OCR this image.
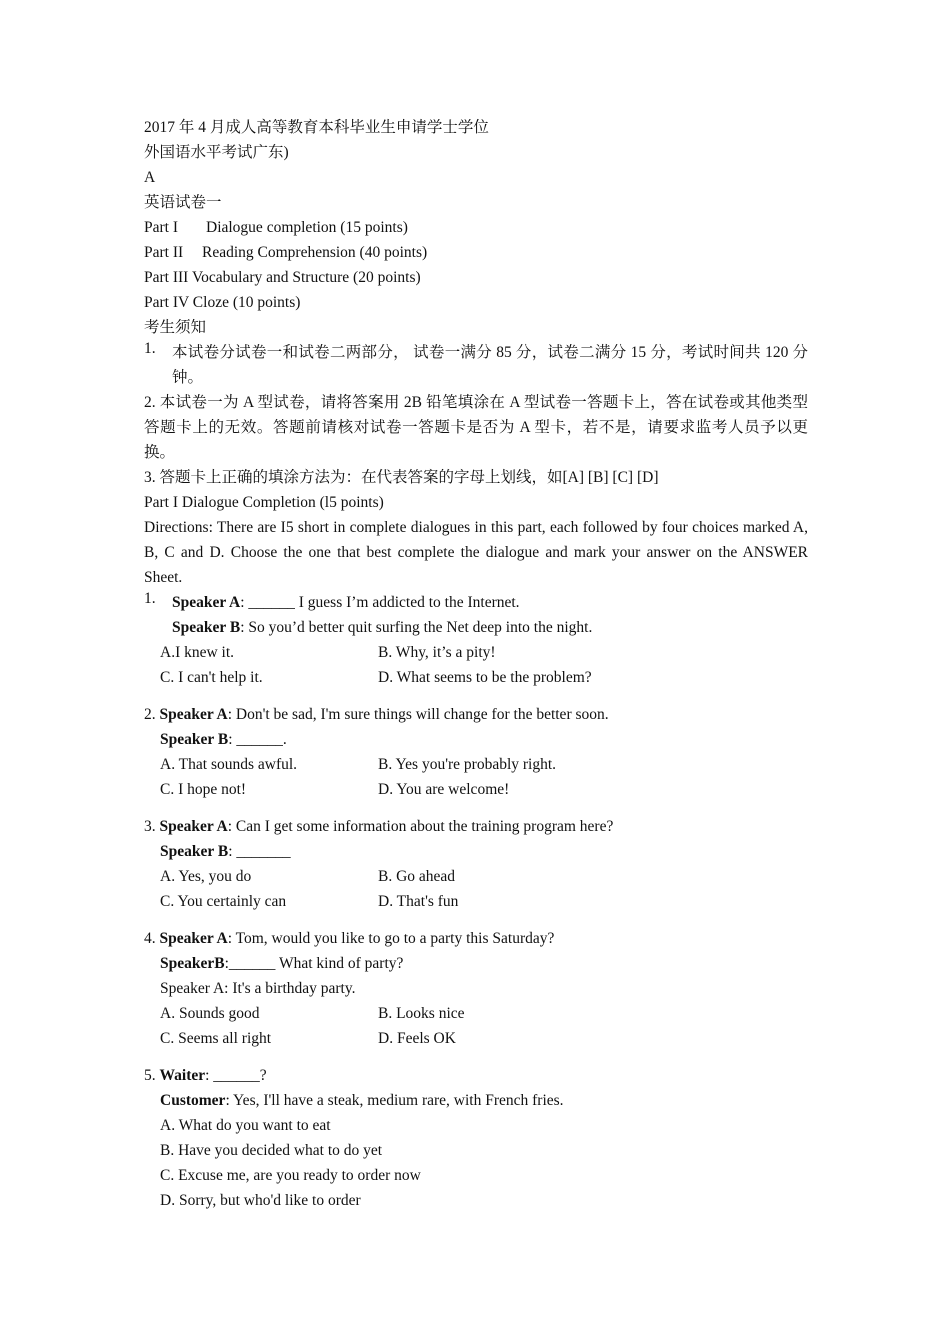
2017 年 4 月成人高等教育本科毕业生申请学士学位
外国语水平考试广东)
A
英语试卷一
Part I Dialogue completion (15 points)
Part II Reading Comprehension (40 points)
Part III Vocabulary and Structure (20 points)
Part IV Cloze (10 points)
考生须知
1.	本试卷分试卷一和试卷二两部分， 试卷一满分 85 分，试卷二满分 15 分，考试时间共 120 分钟。
2. 本试卷一为 A 型试卷，请将答案用 2B 铅笔填涂在 A 型试卷一答题卡上，答在试卷或其他类型答题卡上的无效。答题前请核对试卷一答题卡是否为 A 型卡，若不是，请要求监考人员予以更换。
3. 答题卡上正确的填涂方法为：在代表答案的字母上划线，如[A] [B] [C] [D]
Part I Dialogue Completion (l5 points)
Directions: There are I5 short in complete dialogues in this part, each followed by four choices marked A, B, C and D. Choose the one that best complete the dialogue and mark your answer on the ANSWER Sheet.
1.	Speaker A: ______ I guess I’m addicted to the Internet.
Speaker B: So you’d better quit surfing the Net deep into the night.
A.I knew it.	B. Why, it’s a pity!
C. I can't help it.	D. What seems to be the problem?
2. Speaker A: Don't be sad, I'm sure things will change for the better soon.
Speaker B: ______.
A. That sounds awful.	B. Yes you're probably right.
C. I hope not!	D. You are welcome!
3. Speaker A: Can I get some information about the training program here?
Speaker B: _______
A. Yes, you do	B. Go ahead
C. You certainly can	D. That's fun
4. Speaker A: Tom, would you like to go to a party this Saturday?
SpeakerB:______ What kind of party?
Speaker A: It's a birthday party.
A. Sounds good	B. Looks nice
C. Seems all right	D. Feels OK
5. Waiter: ______?
Customer: Yes, I'll have a steak, medium rare, with French fries.
A. What do you want to eat
B. Have you decided what to do yet
C. Excuse me, are you ready to order now
D. Sorry, but who'd like to order
